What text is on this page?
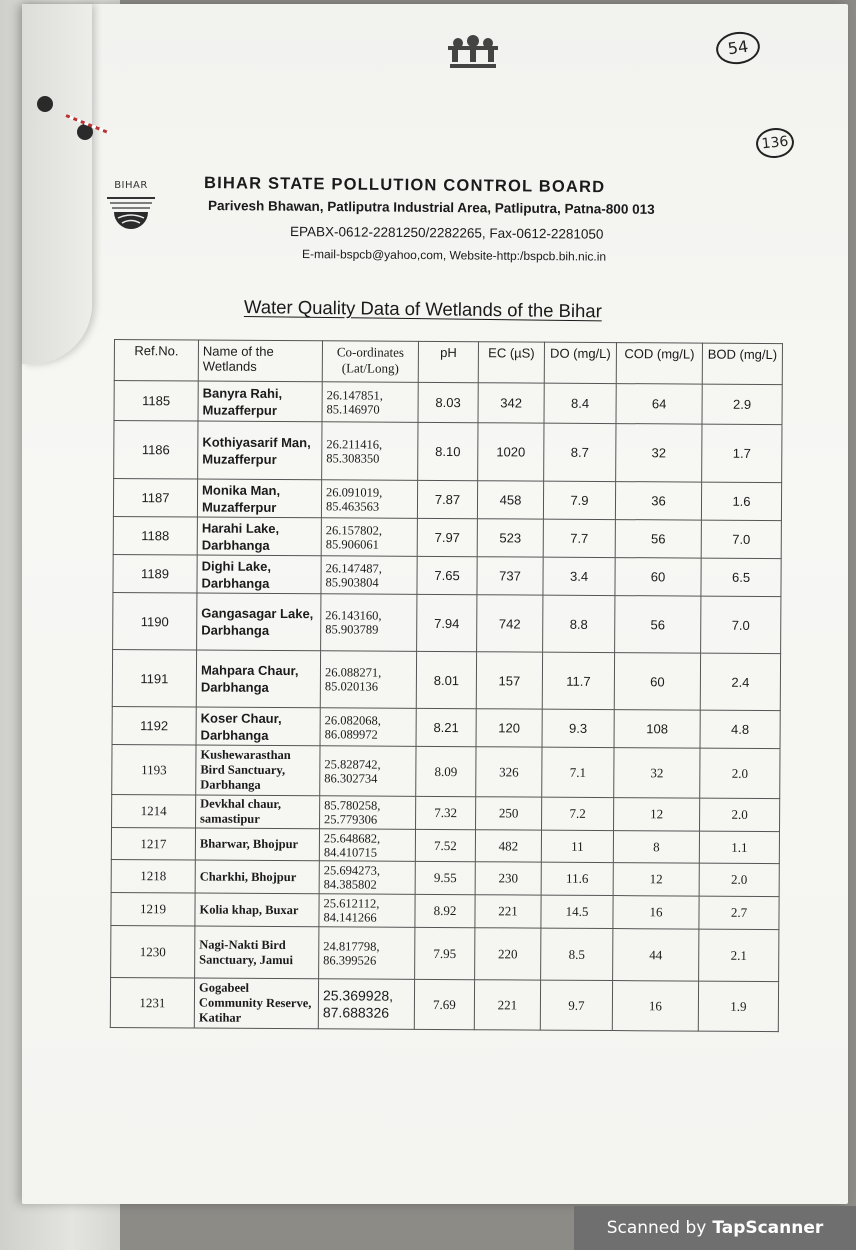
54
136
BIHAR	BIHAR STATE POLLUTION CONTROL BOARD
Parivesh Bhawan, Patliputra Industrial Area, Patliputra, Patna-800 013
EPABX-0612-2281250/2282265, Fax-0612-2281050
E-mail-bspcb@yahoo,com, Website-http:/bspcb.bih.nic.in
Water Quality Data of Wetlands of the Bihar
Ref.No.	Name of the Wetlands	Co-ordinates (Lat/Long)	pH	EC (µS)	DO (mg/L)	COD (mg/L)	BOD (mg/L)
1185	Banyra Rahi, Muzafferpur	26.147851, 85.146970	8.03	342	8.4	64	2.9
1186	Kothiyasarif Man, Muzafferpur	26.211416, 85.308350	8.10	1020	8.7	32	1.7
1187	Monika Man, Muzafferpur	26.091019, 85.463563	7.87	458	7.9	36	1.6
1188	Harahi Lake, Darbhanga	26.157802, 85.906061	7.97	523	7.7	56	7.0
1189	Dighi Lake, Darbhanga	26.147487, 85.903804	7.65	737	3.4	60	6.5
1190	Gangasagar Lake, Darbhanga	26.143160, 85.903789	7.94	742	8.8	56	7.0
1191	Mahpara Chaur, Darbhanga	26.088271, 85.020136	8.01	157	11.7	60	2.4
1192	Koser Chaur, Darbhanga	26.082068, 86.089972	8.21	120	9.3	108	4.8
1193	Kushewarasthan Bird Sanctuary, Darbhanga	25.828742, 86.302734	8.09	326	7.1	32	2.0
1214	Devkhal chaur, samastipur	85.780258, 25.779306	7.32	250	7.2	12	2.0
1217	Bharwar, Bhojpur	25.648682, 84.410715	7.52	482	11	8	1.1
1218	Charkhi, Bhojpur	25.694273, 84.385802	9.55	230	11.6	12	2.0
1219	Kolia khap, Buxar	25.612112, 84.141266	8.92	221	14.5	16	2.7
1230	Nagi-Nakti Bird Sanctuary, Jamui	24.817798, 86.399526	7.95	220	8.5	44	2.1
1231	Gogabeel Community Reserve, Katihar	25.369928, 87.688326	7.69	221	9.7	16	1.9
Scanned by TapScanner
